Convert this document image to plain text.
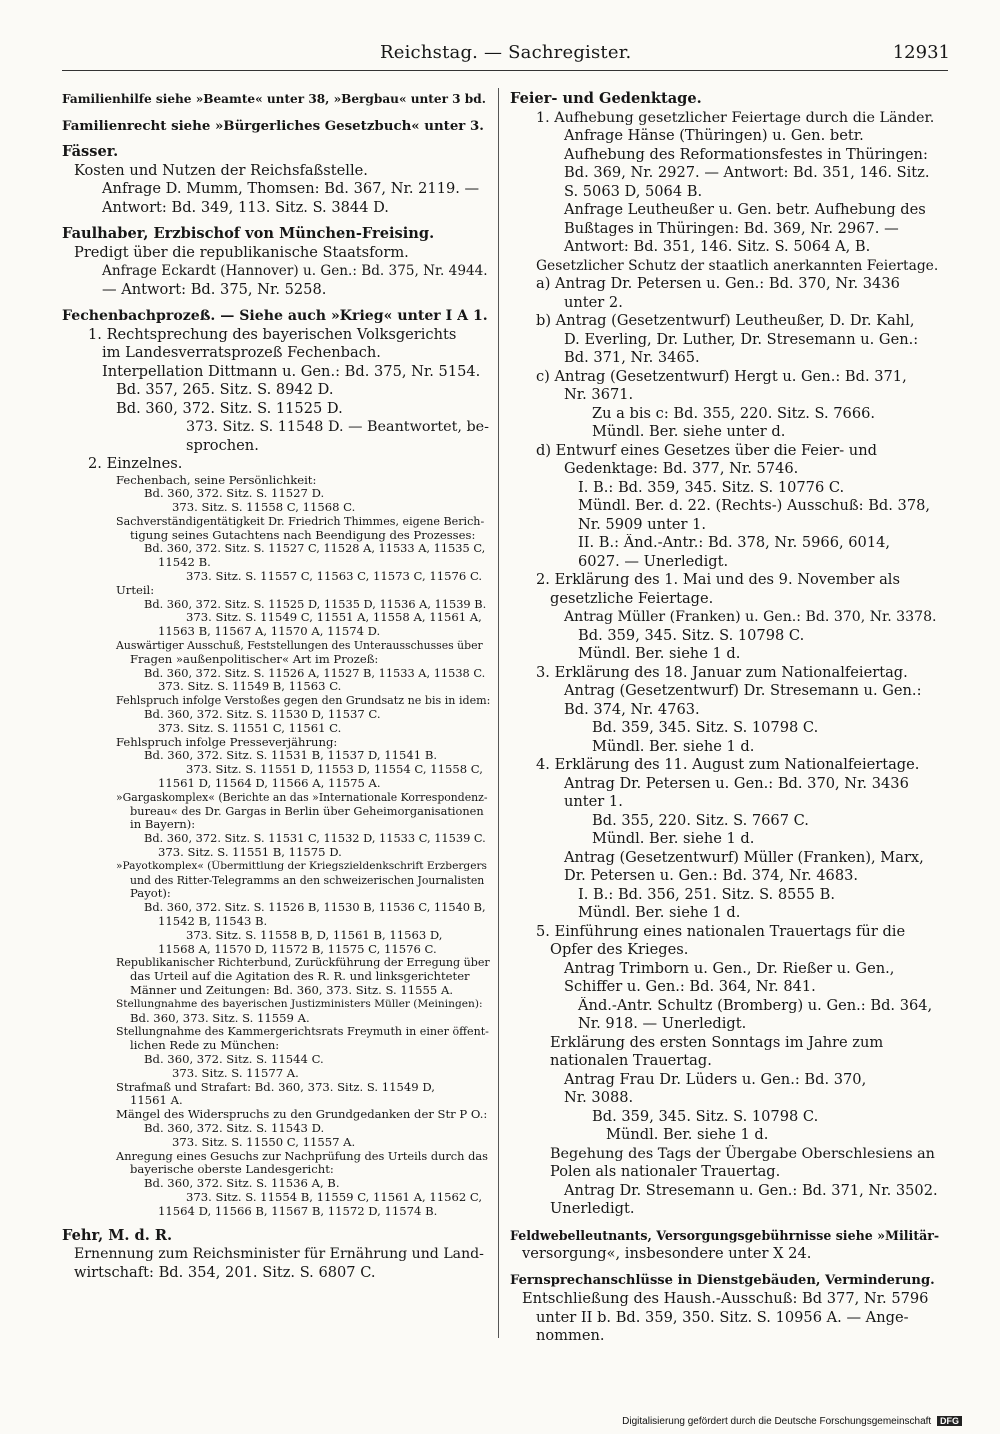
Reichstag. — Sachregister.	12931
Familienhilfe siehe »Beamte« unter 38, »Bergbau« unter 3 bd.
Familienrecht siehe »Bürgerliches Gesetzbuch« unter 3.
Fässer.
Kosten und Nutzen der Reichsfaßstelle.
Anfrage D. Mumm, Thomsen: Bd. 367, Nr. 2119. —
Antwort: Bd. 349, 113. Sitz. S. 3844 D.
Faulhaber, Erzbischof von München-Freising.
Predigt über die republikanische Staatsform.
Anfrage Eckardt (Hannover) u. Gen.: Bd. 375, Nr. 4944.
— Antwort: Bd. 375, Nr. 5258.
Fechenbachprozeß. — Siehe auch »Krieg« unter I A 1.
1. Rechtsprechung des bayerischen Volksgerichts
im Landesverratsprozeß Fechenbach.
Interpellation Dittmann u. Gen.: Bd. 375, Nr. 5154.
Bd. 357, 265. Sitz. S. 8942 D.
Bd. 360, 372. Sitz. S. 11525 D.
373. Sitz. S. 11548 D. — Beantwortet, be-
sprochen.
2. Einzelnes.
Fechenbach, seine Persönlichkeit:
Bd. 360, 372. Sitz. S. 11527 D.
373. Sitz. S. 11558 C, 11568 C.
Sachverständigentätigkeit Dr. Friedrich Thimmes, eigene Berich-
tigung seines Gutachtens nach Beendigung des Prozesses:
Bd. 360, 372. Sitz. S. 11527 C, 11528 A, 11533 A, 11535 C,
11542 B.
373. Sitz. S. 11557 C, 11563 C, 11573 C, 11576 C.
Urteil:
Bd. 360, 372. Sitz. S. 11525 D, 11535 D, 11536 A, 11539 B.
373. Sitz. S. 11549 C, 11551 A, 11558 A, 11561 A,
11563 B, 11567 A, 11570 A, 11574 D.
Auswärtiger Ausschuß, Feststellungen des Unterausschusses über
Fragen »außenpolitischer« Art im Prozeß:
Bd. 360, 372. Sitz. S. 11526 A, 11527 B, 11533 A, 11538 C.
373. Sitz. S. 11549 B, 11563 C.
Fehlspruch infolge Verstoßes gegen den Grundsatz ne bis in idem:
Bd. 360, 372. Sitz. S. 11530 D, 11537 C.
373. Sitz. S. 11551 C, 11561 C.
Fehlspruch infolge Presseverjährung:
Bd. 360, 372. Sitz. S. 11531 B, 11537 D, 11541 B.
373. Sitz. S. 11551 D, 11553 D, 11554 C, 11558 C,
11561 D, 11564 D, 11566 A, 11575 A.
»Gargaskomplex« (Berichte an das »Internationale Korrespondenz-
bureau« des Dr. Gargas in Berlin über Geheimorganisationen
in Bayern):
Bd. 360, 372. Sitz. S. 11531 C, 11532 D, 11533 C, 11539 C.
373. Sitz. S. 11551 B, 11575 D.
»Payotkomplex« (Übermittlung der Kriegszieldenkschrift Erzbergers
und des Ritter-Telegramms an den schweizerischen Journalisten
Payot):
Bd. 360, 372. Sitz. S. 11526 B, 11530 B, 11536 C, 11540 B,
11542 B, 11543 B.
373. Sitz. S. 11558 B, D, 11561 B, 11563 D,
11568 A, 11570 D, 11572 B, 11575 C, 11576 C.
Republikanischer Richterbund, Zurückführung der Erregung über
das Urteil auf die Agitation des R. R. und linksgerichteter
Männer und Zeitungen: Bd. 360, 373. Sitz. S. 11555 A.
Stellungnahme des bayerischen Justizministers Müller (Meiningen):
Bd. 360, 373. Sitz. S. 11559 A.
Stellungnahme des Kammergerichtsrats Freymuth in einer öffent-
lichen Rede zu München:
Bd. 360, 372. Sitz. S. 11544 C.
373. Sitz. S. 11577 A.
Strafmaß und Strafart: Bd. 360, 373. Sitz. S. 11549 D,
11561 A.
Mängel des Widerspruchs zu den Grundgedanken der Str P O.:
Bd. 360, 372. Sitz. S. 11543 D.
373. Sitz. S. 11550 C, 11557 A.
Anregung eines Gesuchs zur Nachprüfung des Urteils durch das
bayerische oberste Landesgericht:
Bd. 360, 372. Sitz. S. 11536 A, B.
373. Sitz. S. 11554 B, 11559 C, 11561 A, 11562 C,
11564 D, 11566 B, 11567 B, 11572 D, 11574 B.
Fehr, M. d. R.
Ernennung zum Reichsminister für Ernährung und Land-
wirtschaft: Bd. 354, 201. Sitz. S. 6807 C.
Feier- und Gedenktage.
1. Aufhebung gesetzlicher Feiertage durch die Länder.
Anfrage Hänse (Thüringen) u. Gen. betr.
Aufhebung des Reformationsfestes in Thüringen:
Bd. 369, Nr. 2927. — Antwort: Bd. 351, 146. Sitz.
S. 5063 D, 5064 B.
Anfrage Leutheußer u. Gen. betr. Aufhebung des
Bußtages in Thüringen: Bd. 369, Nr. 2967. —
Antwort: Bd. 351, 146. Sitz. S. 5064 A, B.
Gesetzlicher Schutz der staatlich anerkannten Feiertage.
a) Antrag Dr. Petersen u. Gen.: Bd. 370, Nr. 3436
unter 2.
b) Antrag (Gesetzentwurf) Leutheußer, D. Dr. Kahl,
D. Everling, Dr. Luther, Dr. Stresemann u. Gen.:
Bd. 371, Nr. 3465.
c) Antrag (Gesetzentwurf) Hergt u. Gen.: Bd. 371,
Nr. 3671.
Zu a bis c: Bd. 355, 220. Sitz. S. 7666.
Mündl. Ber. siehe unter d.
d) Entwurf eines Gesetzes über die Feier- und
Gedenktage: Bd. 377, Nr. 5746.
I. B.: Bd. 359, 345. Sitz. S. 10776 C.
Mündl. Ber. d. 22. (Rechts-) Ausschuß: Bd. 378,
Nr. 5909 unter 1.
II. B.: Änd.-Antr.: Bd. 378, Nr. 5966, 6014,
6027. — Unerledigt.
2. Erklärung des 1. Mai und des 9. November als
gesetzliche Feiertage.
Antrag Müller (Franken) u. Gen.: Bd. 370, Nr. 3378.
Bd. 359, 345. Sitz. S. 10798 C.
Mündl. Ber. siehe 1 d.
3. Erklärung des 18. Januar zum Nationalfeiertag.
Antrag (Gesetzentwurf) Dr. Stresemann u. Gen.:
Bd. 374, Nr. 4763.
Bd. 359, 345. Sitz. S. 10798 C.
Mündl. Ber. siehe 1 d.
4. Erklärung des 11. August zum Nationalfeiertage.
Antrag Dr. Petersen u. Gen.: Bd. 370, Nr. 3436
unter 1.
Bd. 355, 220. Sitz. S. 7667 C.
Mündl. Ber. siehe 1 d.
Antrag (Gesetzentwurf) Müller (Franken), Marx,
Dr. Petersen u. Gen.: Bd. 374, Nr. 4683.
I. B.: Bd. 356, 251. Sitz. S. 8555 B.
Mündl. Ber. siehe 1 d.
5. Einführung eines nationalen Trauertags für die
Opfer des Krieges.
Antrag Trimborn u. Gen., Dr. Rießer u. Gen.,
Schiffer u. Gen.: Bd. 364, Nr. 841.
Änd.-Antr. Schultz (Bromberg) u. Gen.: Bd. 364,
Nr. 918. — Unerledigt.
Erklärung des ersten Sonntags im Jahre zum
nationalen Trauertag.
Antrag Frau Dr. Lüders u. Gen.: Bd. 370,
Nr. 3088.
Bd. 359, 345. Sitz. S. 10798 C.
Mündl. Ber. siehe 1 d.
Begehung des Tags der Übergabe Oberschlesiens an
Polen als nationaler Trauertag.
Antrag Dr. Stresemann u. Gen.: Bd. 371, Nr. 3502.
Unerledigt.
Feldwebelleutnants, Versorgungsgebührnisse siehe »Militär-
versorgung«, insbesondere unter X 24.
Fernsprechanschlüsse in Dienstgebäuden, Verminderung.
Entschließung des Haush.-Ausschuß: Bd 377, Nr. 5796
unter II b. Bd. 359, 350. Sitz. S. 10956 A. — Ange-
nommen.
Digitalisierung gefördert durch die Deutsche Forschungsgemeinschaft DFG
